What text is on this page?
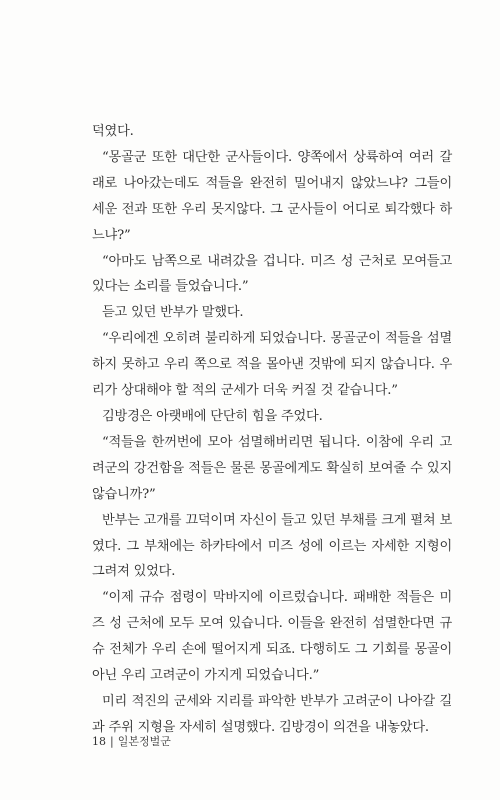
덕였다.

“몽골군 또한 대단한 군사들이다. 양쪽에서 상륙하여 여러 갈래로 나아갔는데도 적들을 완전히 밀어내지 않았느냐? 그들이 세운 전과 또한 우리 못지않다. 그 군사들이 어디로 퇴각했다 하느냐?”

“아마도 남쪽으로 내려갔을 겁니다. 미즈 성 근처로 모여들고 있다는 소리를 들었습니다.”

듣고 있던 반부가 말했다.

“우리에겐 오히려 불리하게 되었습니다. 몽골군이 적들을 섬멸하지 못하고 우리 쪽으로 적을 몰아낸 것밖에 되지 않습니다. 우리가 상대해야 할 적의 군세가 더욱 커질 것 같습니다.”

김방경은 아랫배에 단단히 힘을 주었다.

“적들을 한꺼번에 모아 섬멸해버리면 됩니다. 이참에 우리 고려군의 강건함을 적들은 물론 몽골에게도 확실히 보여줄 수 있지 않습니까?”

반부는 고개를 끄덕이며 자신이 들고 있던 부채를 크게 펼쳐 보였다. 그 부채에는 하카타에서 미즈 성에 이르는 자세한 지형이 그려져 있었다.

“이제 규슈 점령이 막바지에 이르렀습니다. 패배한 적들은 미즈 성 근처에 모두 모여 있습니다. 이들을 완전히 섬멸한다면 규슈 전체가 우리 손에 떨어지게 되죠. 다행히도 그 기회를 몽골이 아닌 우리 고려군이 가지게 되었습니다.”

미리 적진의 군세와 지리를 파악한 반부가 고려군이 나아갈 길과 주위 지형을 자세히 설명했다. 김방경이 의견을 내놓았다.

18 | 일본정벌군
